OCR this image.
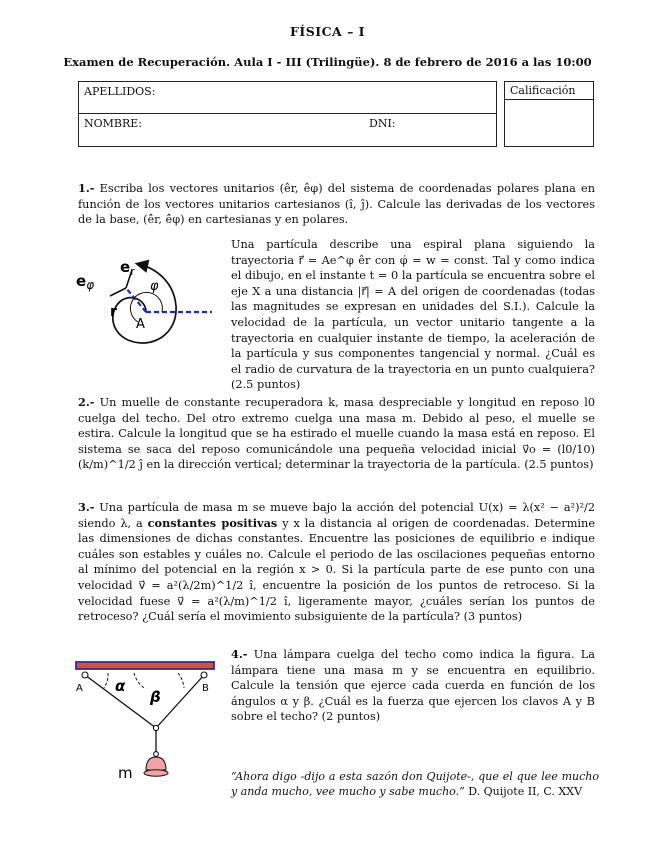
FÍSICA – I
Examen de Recuperación. Aula I - III (Trilingüe). 8 de febrero de 2016 a las 10:00
APELLIDOS:
NOMBRE:	DNI:
Calificación
1.- Escriba los vectores unitarios (êr, êφ) del sistema de coordenadas polares plana en función de los vectores unitarios cartesianos (î, ĵ). Calcule las derivadas de los vectores de la base, (ê̇r, ê̇φ) en cartesianas y en polares.
$e_r$
$e_\varphi$	φ
r
A
Una partícula describe una espiral plana siguiendo la trayectoria r⃗ = Ae^φ êr con φ̇ = w = const. Tal y como indica el dibujo, en el instante t = 0 la partícula se encuentra sobre el eje X a una distancia |r⃗| = A del origen de coordenadas (todas las magnitudes se expresan en unidades del S.I.). Calcule la velocidad de la partícula, un vector unitario tangente a la trayectoria en cualquier instante de tiempo, la aceleración de la partícula y sus componentes tangencial y normal. ¿Cuál es el radio de curvatura de la trayectoria en un punto cualquiera? (2.5 puntos)
2.- Un muelle de constante recuperadora k, masa despreciable y longitud en reposo l0 cuelga del techo. Del otro extremo cuelga una masa m. Debido al peso, el muelle se estira. Calcule la longitud que se ha estirado el muelle cuando la masa está en reposo. El sistema se saca del reposo comunicándole una pequeña velocidad inicial v⃗o = (l0/10)(k/m)^1/2 ĵ en la dirección vertical; determinar la trayectoria de la partícula. (2.5 puntos)
3.- Una partícula de masa m se mueve bajo la acción del potencial U(x) = λ(x² − a²)²/2 siendo λ, a constantes positivas y x la distancia al origen de coordenadas. Determine las dimensiones de dichas constantes. Encuentre las posiciones de equilibrio e indique cuáles son estables y cuáles no. Calcule el periodo de las oscilaciones pequeñas entorno al mínimo del potencial en la región x > 0. Si la partícula parte de ese punto con una velocidad v⃗ = a²(λ/2m)^1/2 î, encuentre la posición de los puntos de retroceso. Si la velocidad fuese v⃗ = a²(λ/m)^1/2 î, ligeramente mayor, ¿cuáles serían los puntos de retroceso? ¿Cuál sería el movimiento subsiguiente de la partícula? (3 puntos)
A	B
α
β
m
4.- Una lámpara cuelga del techo como indica la figura. La lámpara tiene una masa m y se encuentra en equilibrio. Calcule la tensión que ejerce cada cuerda en función de los ángulos α y β. ¿Cuál es la fuerza que ejercen los clavos A y B sobre el techo? (2 puntos)
“Ahora digo -dijo a esta sazón don Quijote-, que el que lee mucho y anda mucho, vee mucho y sabe mucho.” D. Quijote II, C. XXV
